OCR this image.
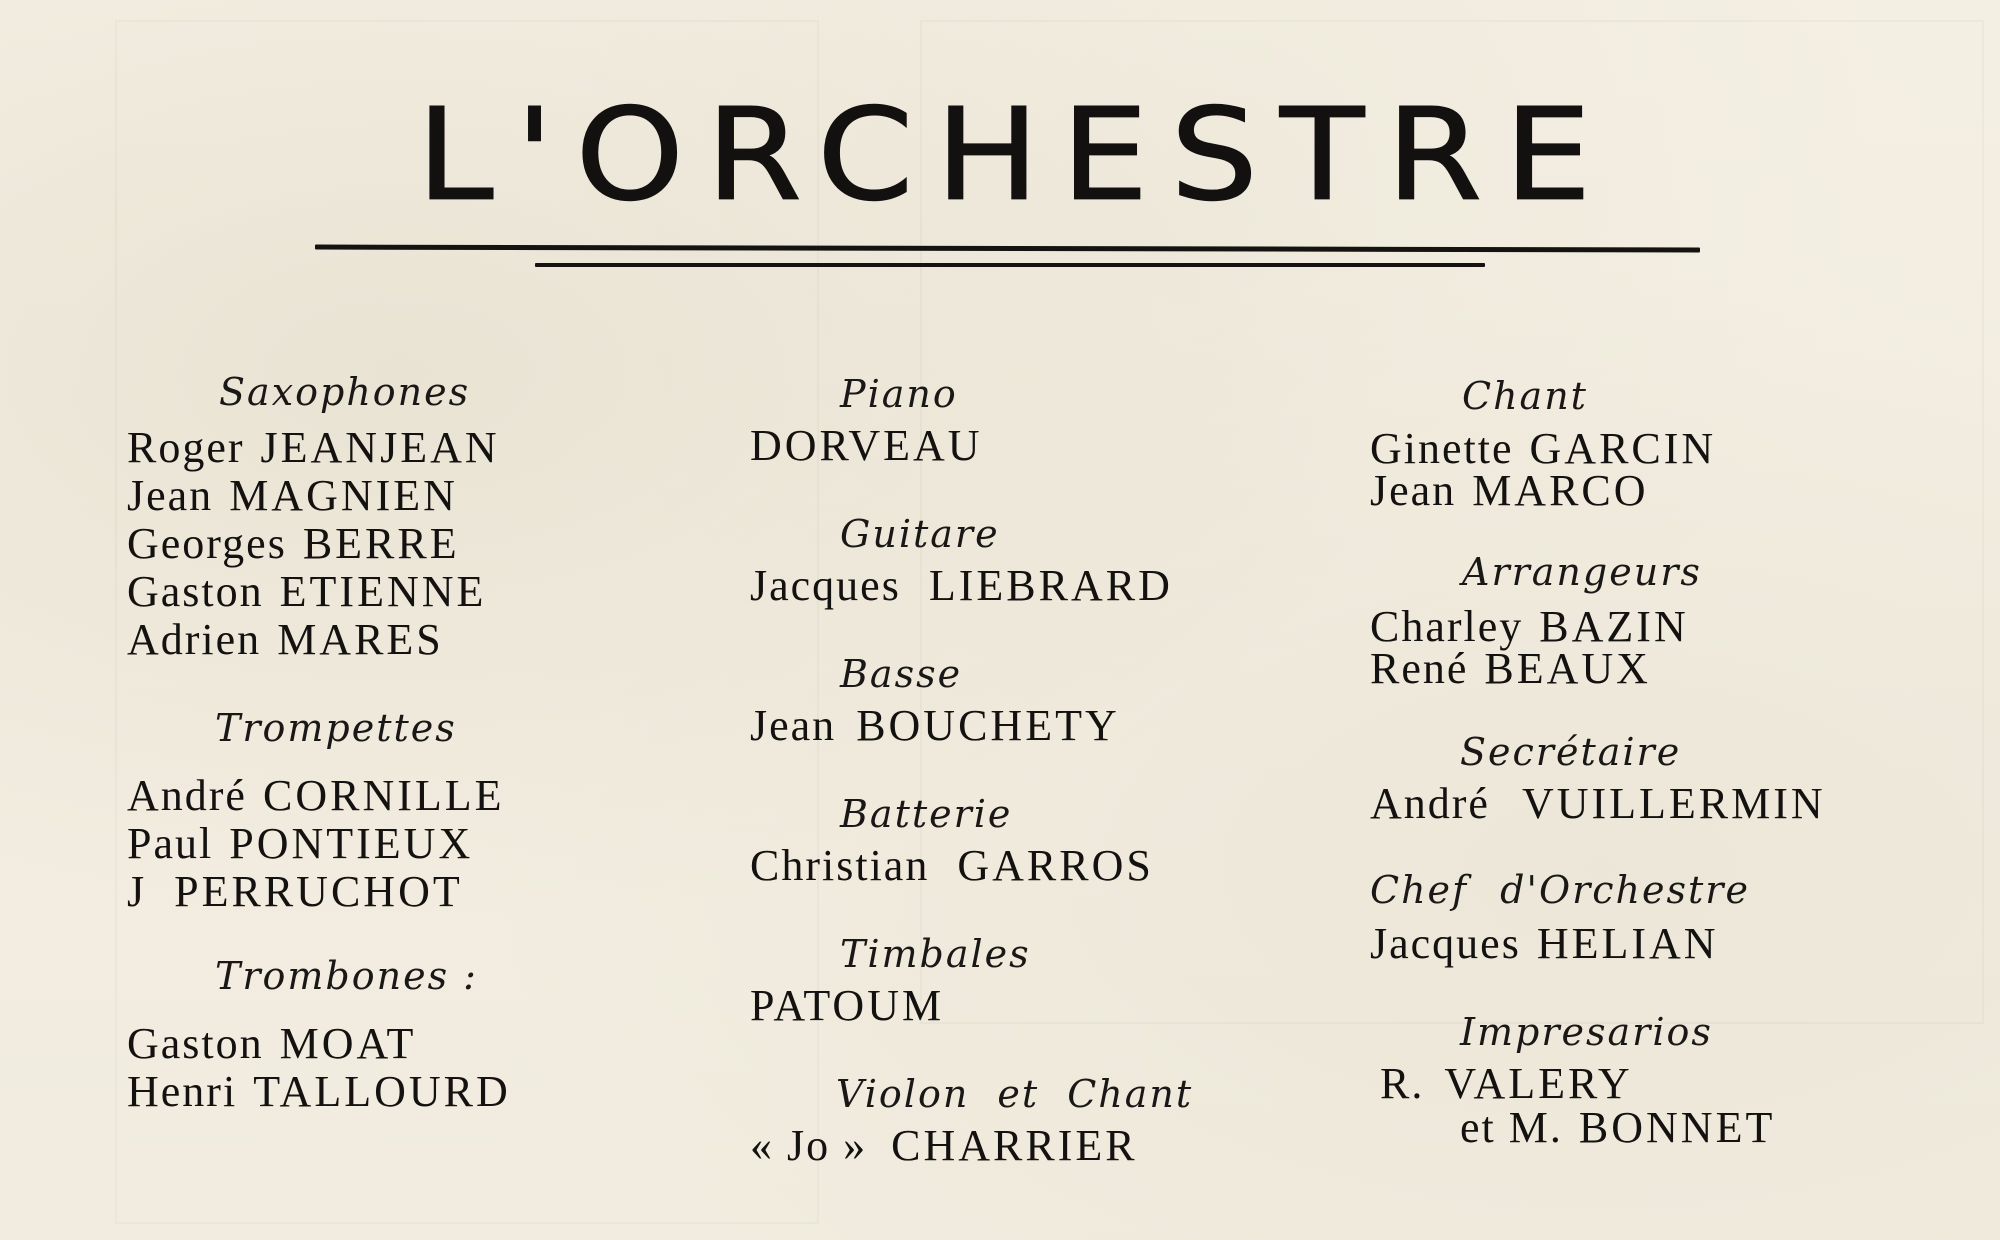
L'ORCHESTRE
Saxophones
Roger JEANJEAN
Jean MAGNIEN
Georges BERRE
Gaston ETIENNE
Adrien MARES
Trompettes
André CORNILLE
Paul PONTIEUX
J PERRUCHOT
Trombones :
Gaston MOAT
Henri TALLOURD
Piano
DORVEAU
Guitare
Jacques LIEBRARD
Basse
Jean BOUCHETY
Batterie
Christian GARROS
Timbales
PATOUM
Violon et Chant
« Jo » CHARRIER
Chant
Ginette GARCIN
Jean MARCO
Arrangeurs
Charley BAZIN
René BEAUX
Secrétaire
André VUILLERMIN
Chef d'Orchestre
Jacques HELIAN
Impresarios
R. VALERY
et M. BONNET
